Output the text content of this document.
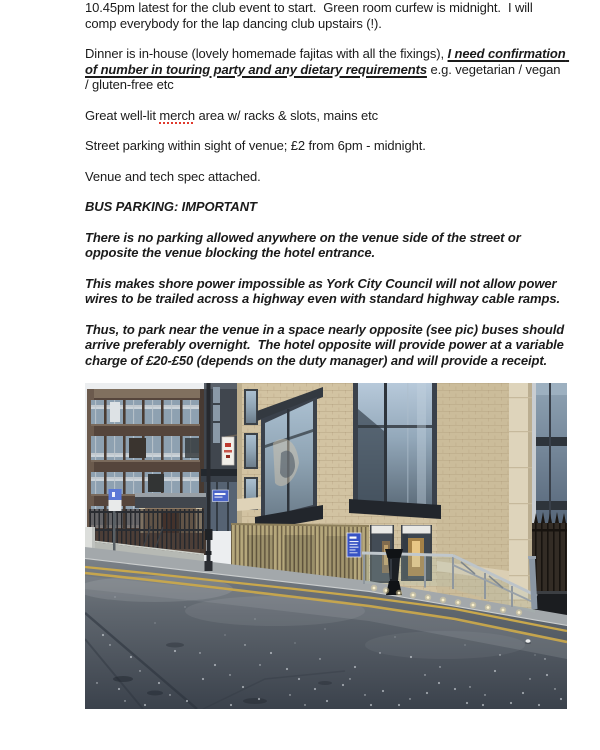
10.45pm latest for the club event to start.  Green room curfew is midnight.  I will comp everybody for the lap dancing club upstairs (!).

Dinner is in-house (lovely homemade fajitas with all the fixings), I need confirmation of number in touring party and any dietary requirements e.g. vegetarian / vegan / gluten-free etc

Great well-lit merch area w/ racks & slots, mains etc

Street parking within sight of venue; £2 from 6pm - midnight.

Venue and tech spec attached.

BUS PARKING: IMPORTANT

There is no parking allowed anywhere on the venue side of the street or opposite the venue blocking the hotel entrance.

This makes shore power impossible as York City Council will not allow power wires to be trailed across a highway even with standard highway cable ramps.

Thus, to park near the venue in a space nearly opposite (see pic) buses should arrive preferably overnight.  The hotel opposite will provide power at a variable charge of £20-£50 (depends on the duty manager) and will provide a receipt.
